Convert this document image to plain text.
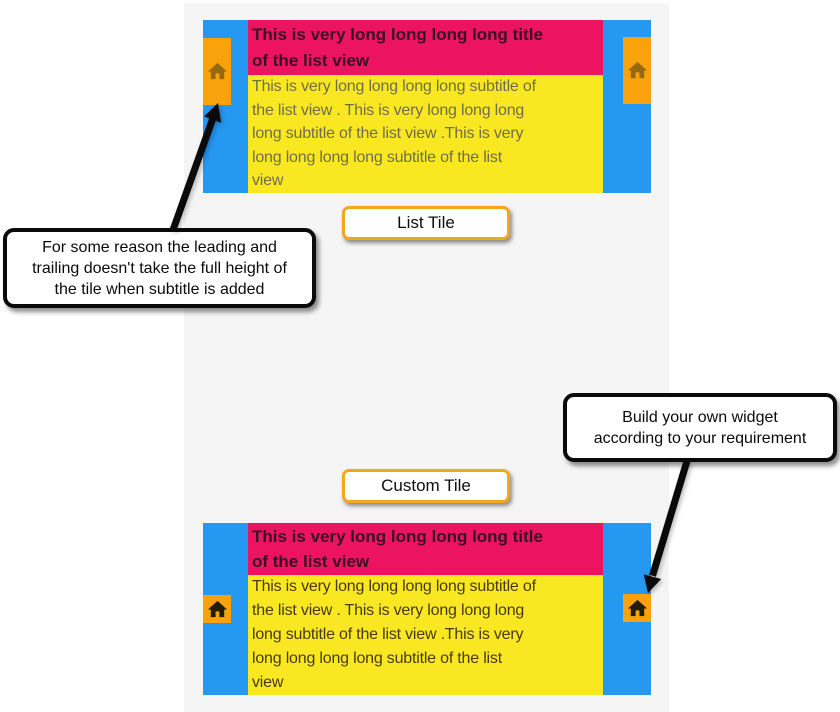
This is very long long long long title
of the list view
This is very long long long long subtitle of
the list view . This is very long long long
long subtitle of the list view .This is very
long long long long subtitle of the list
view
List Tile
Custom Tile
This is very long long long long title
of the list view
This is very long long long long subtitle of
the list view . This is very long long long
long subtitle of the list view .This is very
long long long long subtitle of the list
view
For some reason the leading and
trailing doesn't take the full height of
the tile when subtitle is added
Build your own widget
according to your requirement
